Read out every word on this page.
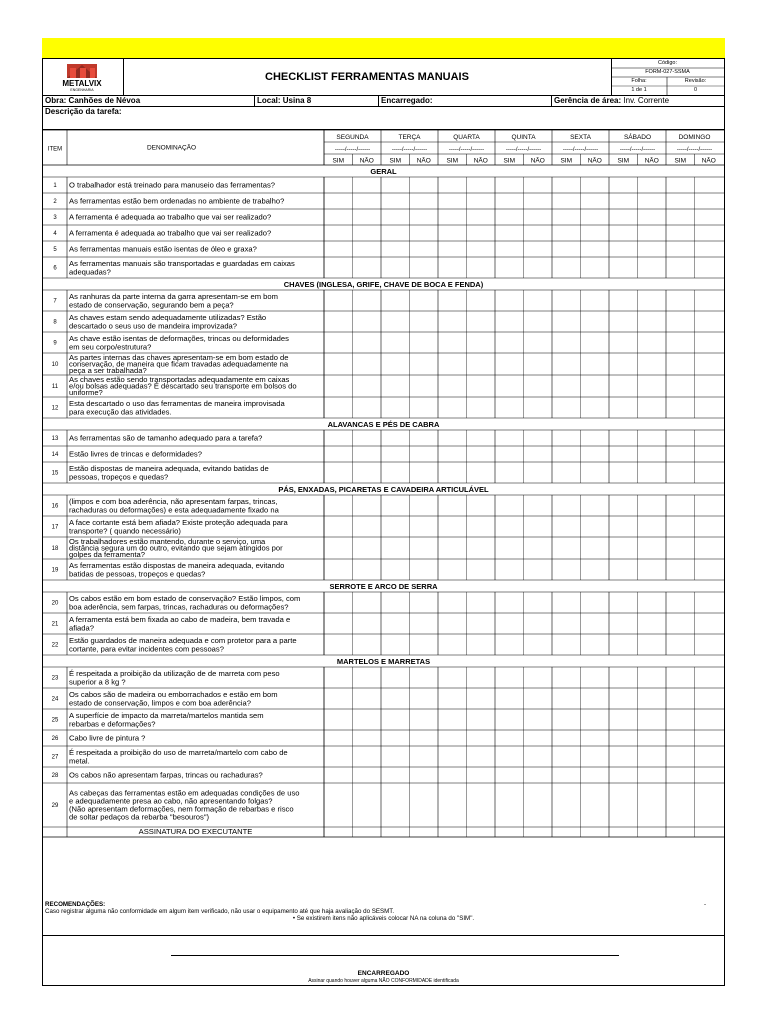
METALVIX
ENGENHARIA
CHECKLIST FERRAMENTAS MANUAIS
Código:
FORM-027-SSMA
Folha:	Revisão:
1 de 1	0
Obra: Canhões de Névoa	Local: Usina 8	Encarregado:	Gerência de área: Inv. Corrente
Descrição da tarefa:
ITEM	DENOMINAÇÃO
SEGUNDA
-----/-----/------
SIM NÃO
TERÇA
-----/-----/------
SIM NÃO
QUARTA
-----/-----/------
SIM NÃO
QUINTA
-----/-----/------
SIM NÃO
SEXTA
-----/-----/------
SIM NÃO
SÁBADO
-----/-----/------
SIM NÃO
DOMINGO
-----/-----/------
SIM NÃO
GERAL
1 O trabalhador está treinado para manuseio das ferramentas?
2 As ferramentas estão bem ordenadas no ambiente de trabalho?
3 A ferramenta é adequada ao trabalho que vai ser realizado?
4 A ferramenta é adequada ao trabalho que vai ser realizado?
5 As ferramentas manuais estão isentas de óleo e graxa?
6
As ferramentas manuais são transportadas e guardadas em caixas
adequadas?
CHAVES (INGLESA, GRIFE, CHAVE DE BOCA E FENDA)
7
As ranhuras da parte interna da garra apresentam-se em bom
estado de conservação, segurando bem a peça?
8
As chaves estam sendo adequadamente utilizadas? Estão
descartado o seus uso de mandeira improvizada?
9
As chave estão isentas de deformações, trincas ou deformidades
em seu corpo/estrutura?
10
As partes internas das chaves apresentam-se em bom estado de
conservação, de maneira que ficam travadas adequadamente na
peça a ser trabalhada?
11
As chaves estão sendo transportadas adequadamente em caixas
e/ou bolsas adequadas? É descartado seu transporte em bolsos do
uniforme?
12
Esta descartado o uso das ferramentas de maneira improvisada
para execução das atividades.
ALAVANCAS E PÉS DE CABRA
13 As ferramentas são de tamanho adequado para a tarefa?
14 Estão livres de trincas e deformidades?
15
Estão dispostas de maneira adequada, evitando batidas de
pessoas, tropeços e quedas?
PÁS, ENXADAS, PICARETAS E CAVADEIRA ARTICULÁVEL
16
(limpos e com boa aderência, não apresentam farpas, trincas,
rachaduras ou deformações) e esta adequadamente fixado na
17
A face cortante está bem afiada? Existe proteção adequada para
transporte? ( quando necessário)
18
Os trabalhadores estão mantendo, durante o serviço, uma
distância segura um do outro, evitando que sejam atingidos por
golpes da ferramenta?
19
As ferramentas estão dispostas de maneira adequada, evitando
batidas de pessoas, tropeços e quedas?
SERROTE E ARCO DE SERRA
20
Os cabos estão em bom estado de conservação? Estão limpos, com
boa aderência, sem farpas, trincas, rachaduras ou deformações?
21
A ferramenta está bem fixada ao cabo de madeira, bem travada e
afiada?
22
Estão guardados de maneira adequada e com protetor para a parte
cortante, para evitar incidentes com pessoas?
MARTELOS E MARRETAS
23
É respeitada a proibição da utilização de de marreta com peso
superior a 8 kg ?
24
Os cabos são de madeira ou emborrachados e estão em bom
estado de conservação, limpos e com boa aderência?
25
A superfície de impacto da marreta/martelos mantida sem
rebarbas e deformações?
26 Cabo livre de pintura ?
27
É respeitada a proibição do uso de marreta/martelo com cabo de
metal.
28 Os cabos não apresentam farpas, trincas ou rachaduras?
29
As cabeças das ferramentas estão em adequadas condições de uso
e adequadamente presa ao cabo, não apresentando folgas?
(Não apresentam deformações, nem formação de rebarbas e risco
de soltar pedaços da rebarba "besouros")
ASSINATURA DO EXECUTANTE
RECOMENDAÇÕES:	-
Caso registrar alguma não conformidade em algum item verificado, não usar o equipamento até que haja avaliação do SESMT.
• Se existirem itens não aplicáveis colocar NA na coluna do "SIM".
ENCARREGADO
Assinar quando houver alguma NÃO CONFORMIDADE identificada
